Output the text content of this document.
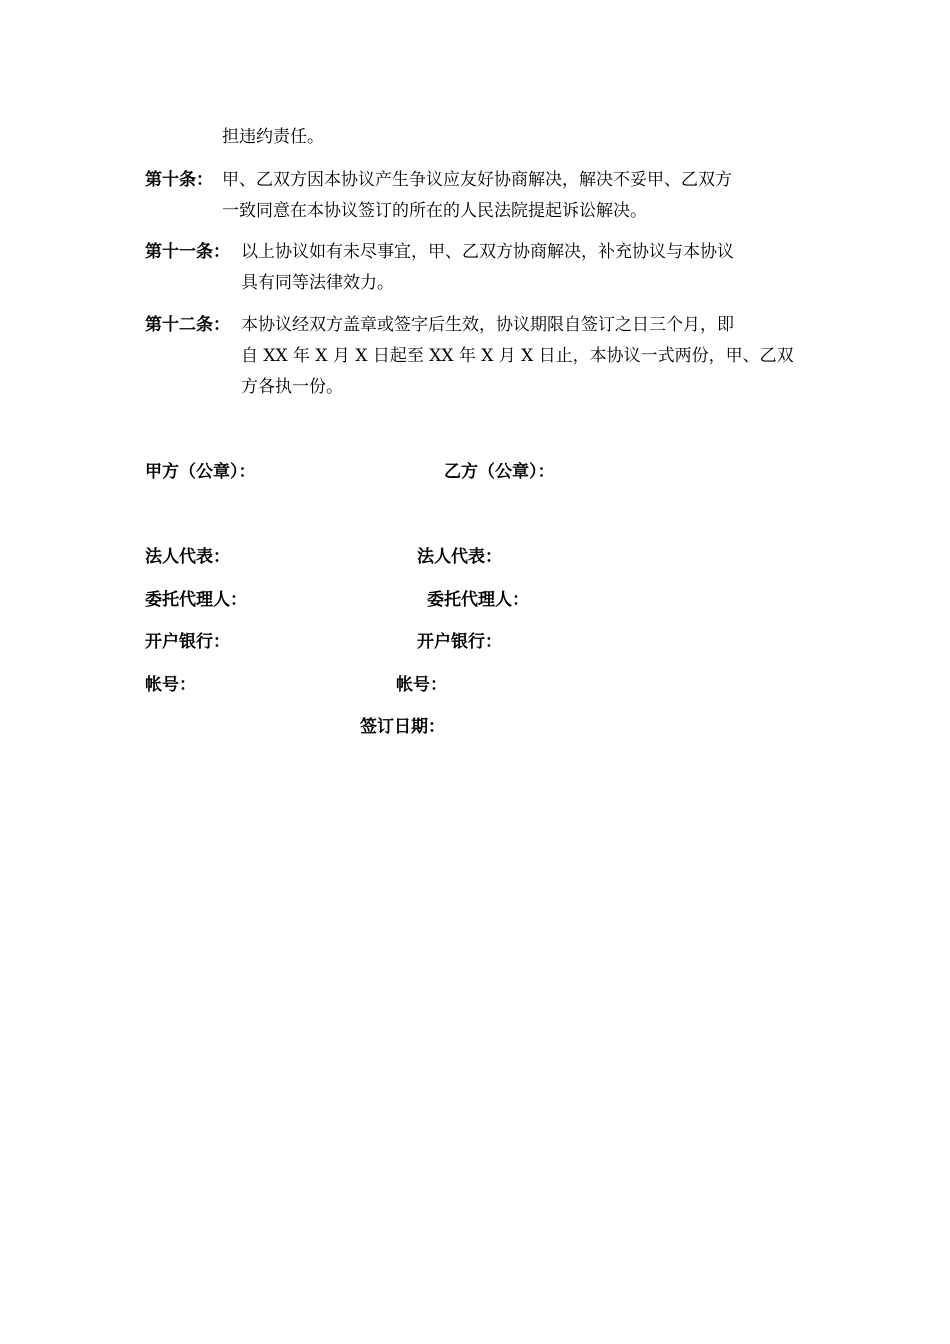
担违约责任。
第十条： 甲、乙双方因本协议产生争议应友好协商解决，解决不妥甲、乙双方
一致同意在本协议签订的所在的人民法院提起诉讼解决。
第十一条： 以上协议如有未尽事宜，甲、乙双方协商解决，补充协议与本协议
具有同等法律效力。
第十二条： 本协议经双方盖章或签字后生效，协议期限自签订之日三个月，即
自 XX 年 X 月 X 日起至 XX 年 X 月 X 日止，本协议一式两份，甲、乙双
方各执一份。
甲方（公章）：	乙方（公章）：
法人代表：	法人代表：
委托代理人：	委托代理人：
开户银行：	开户银行：
帐号：	帐号：
签订日期：
